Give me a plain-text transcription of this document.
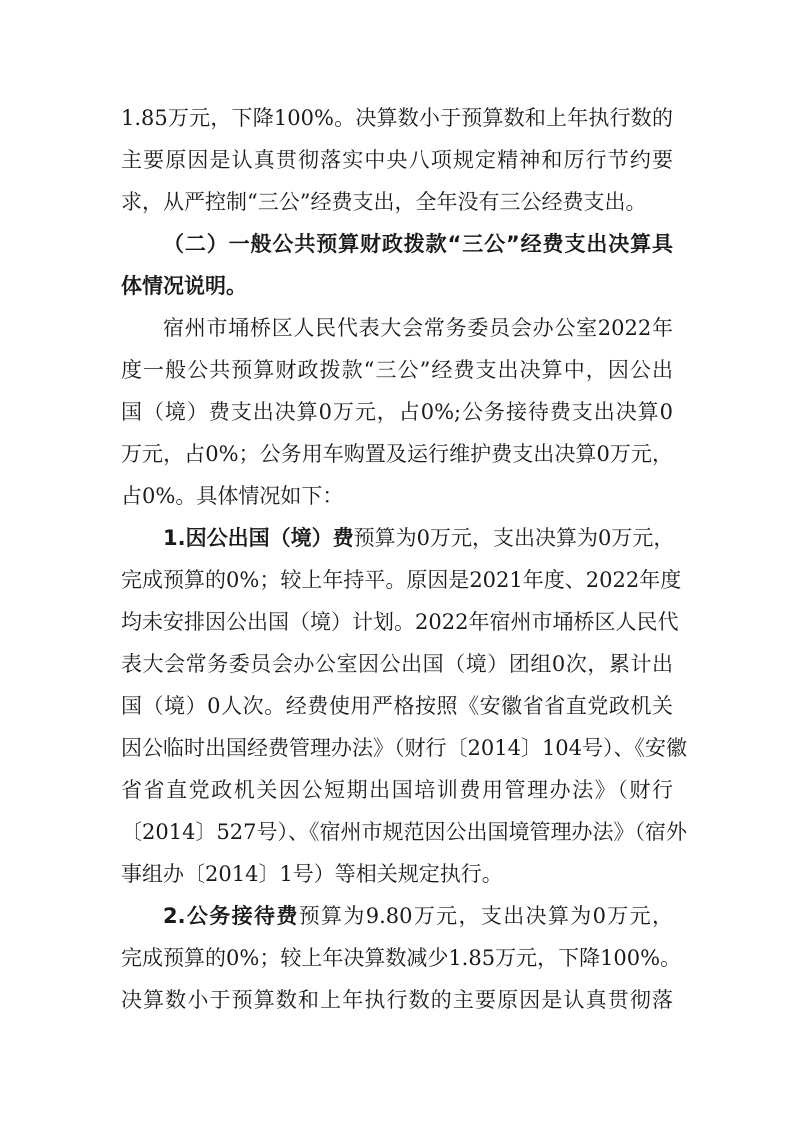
1.85万元，下降100%。决算数小于预算数和上年执行数的
主要原因是认真贯彻落实中央八项规定精神和厉行节约要
求，从严控制“三公”经费支出，全年没有三公经费支出。
（二）一般公共预算财政拨款“三公”经费支出决算具
体情况说明。
宿州市埇桥区人民代表大会常务委员会办公室2022年
度一般公共预算财政拨款“三公”经费支出决算中，因公出
国（境）费支出决算0万元，占0%;公务接待费支出决算0
万元，占0%；公务用车购置及运行维护费支出决算0万元，
占0%。具体情况如下：
1.因公出国（境）费预算为0万元，支出决算为0万元，
完成预算的0%；较上年持平。原因是2021年度、2022年度
均未安排因公出国（境）计划。2022年宿州市埇桥区人民代
表大会常务委员会办公室因公出国（境）团组0次，累计出
国（境）0人次。经费使用严格按照《安徽省省直党政机关
因公临时出国经费管理办法》（财行〔2014〕104号）、《安徽
省省直党政机关因公短期出国培训费用管理办法》（财行
〔2014〕527号）、《宿州市规范因公出国境管理办法》（宿外
事组办〔2014〕1号）等相关规定执行。
2.公务接待费预算为9.80万元，支出决算为0万元，
完成预算的0%；较上年决算数减少1.85万元，下降100%。
决算数小于预算数和上年执行数的主要原因是认真贯彻落
